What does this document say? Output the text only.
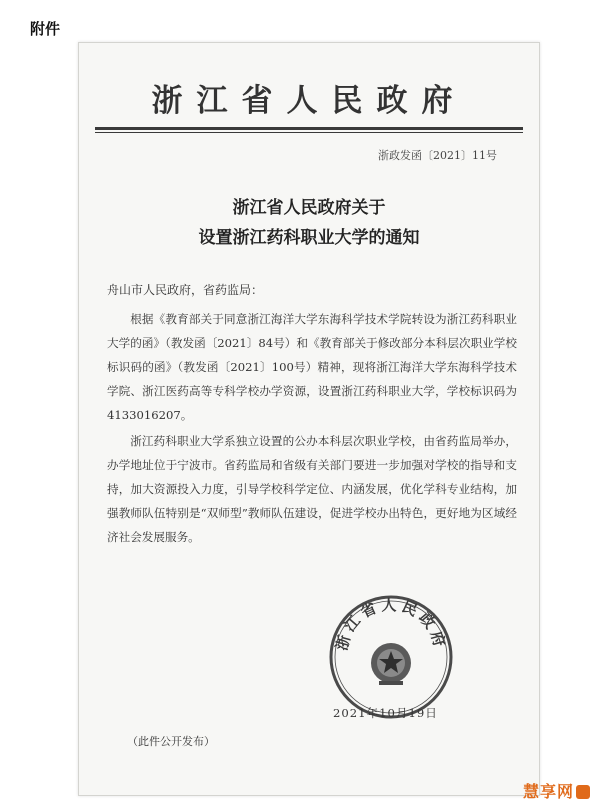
附件
浙江省人民政府
浙政发函〔2021〕11号
浙江省人民政府关于
设置浙江药科职业大学的通知
舟山市人民政府，省药监局：
根据《教育部关于同意浙江海洋大学东海科学技术学院转设为浙江药科职业大学的函》（教发函〔2021〕84号）和《教育部关于修改部分本科层次职业学校标识码的函》（教发函〔2021〕100号）精神，现将浙江海洋大学东海科学技术学院、浙江医药高等专科学校办学资源，设置浙江药科职业大学，学校标识码为4133016207。
浙江药科职业大学系独立设置的公办本科层次职业学校，由省药监局举办，办学地址位于宁波市。省药监局和省级有关部门要进一步加强对学校的指导和支持，加大资源投入力度，引导学校科学定位、内涵发展，优化学科专业结构，加强教师队伍特别是“双师型”教师队伍建设，促进学校办出特色，更好地为区域经济社会发展服务。
浙江省人民政府
2021年10月19日
（此件公开发布）
慧享网
